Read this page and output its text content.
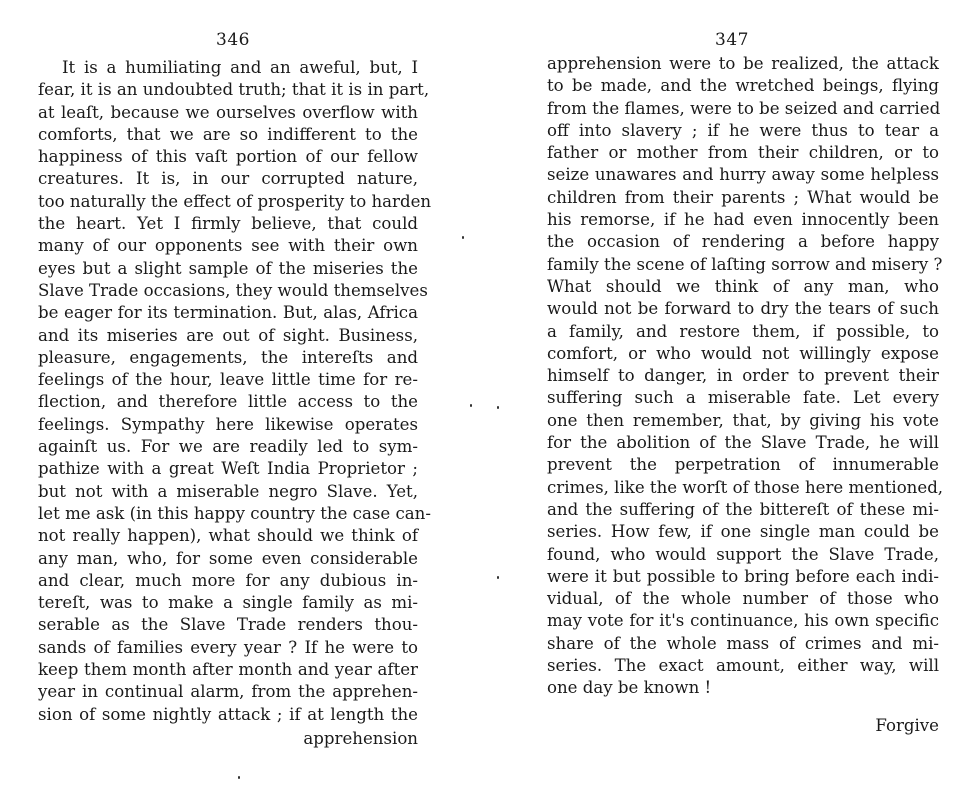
346
It is a humiliating and an aweful, but, I
fear, it is an undoubted truth; that it is in part,
at leaſt, because we ourselves overflow with
comforts, that we are so indifferent to the
happiness of this vaſt portion of our fellow
creatures. It is, in our corrupted nature,
too naturally the effect of prosperity to harden
the heart. Yet I firmly believe, that could
many of our opponents see with their own
eyes but a slight sample of the miseries the
Slave Trade occasions, they would themselves
be eager for its termination. But, alas, Africa
and its miseries are out of sight. Business,
pleasure, engagements, the intereſts and
feelings of the hour, leave little time for re-
flection, and therefore little access to the
feelings. Sympathy here likewise operates
againſt us. For we are readily led to sym-
pathize with a great Weſt India Proprietor ;
but not with a miserable negro Slave. Yet,
let me ask (in this happy country the case can-
not really happen), what should we think of
any man, who, for some even considerable
and clear, much more for any dubious in-
tereſt, was to make a single family as mi-
serable as the Slave Trade renders thou-
sands of families every year ? If he were to
keep them month after month and year after
year in continual alarm, from the apprehen-
sion of some nightly attack ; if at length the
apprehension
347
apprehension were to be realized, the attack
to be made, and the wretched beings, flying
from the flames, were to be seized and carried
off into slavery ; if he were thus to tear a
father or mother from their children, or to
seize unawares and hurry away some helpless
children from their parents ; What would be
his remorse, if he had even innocently been
the occasion of rendering a before happy
family the scene of laſting sorrow and misery ?
What should we think of any man, who
would not be forward to dry the tears of such
a family, and restore them, if possible, to
comfort, or who would not willingly expose
himself to danger, in order to prevent their
suffering such a miserable fate. Let every
one then remember, that, by giving his vote
for the abolition of the Slave Trade, he will
prevent the perpetration of innumerable
crimes, like the worſt of those here mentioned,
and the suffering of the bittereſt of these mi-
series. How few, if one single man could be
found, who would support the Slave Trade,
were it but possible to bring before each indi-
vidual, of the whole number of those who
may vote for it's continuance, his own specific
share of the whole mass of crimes and mi-
series. The exact amount, either way, will
one day be known !
Forgive
